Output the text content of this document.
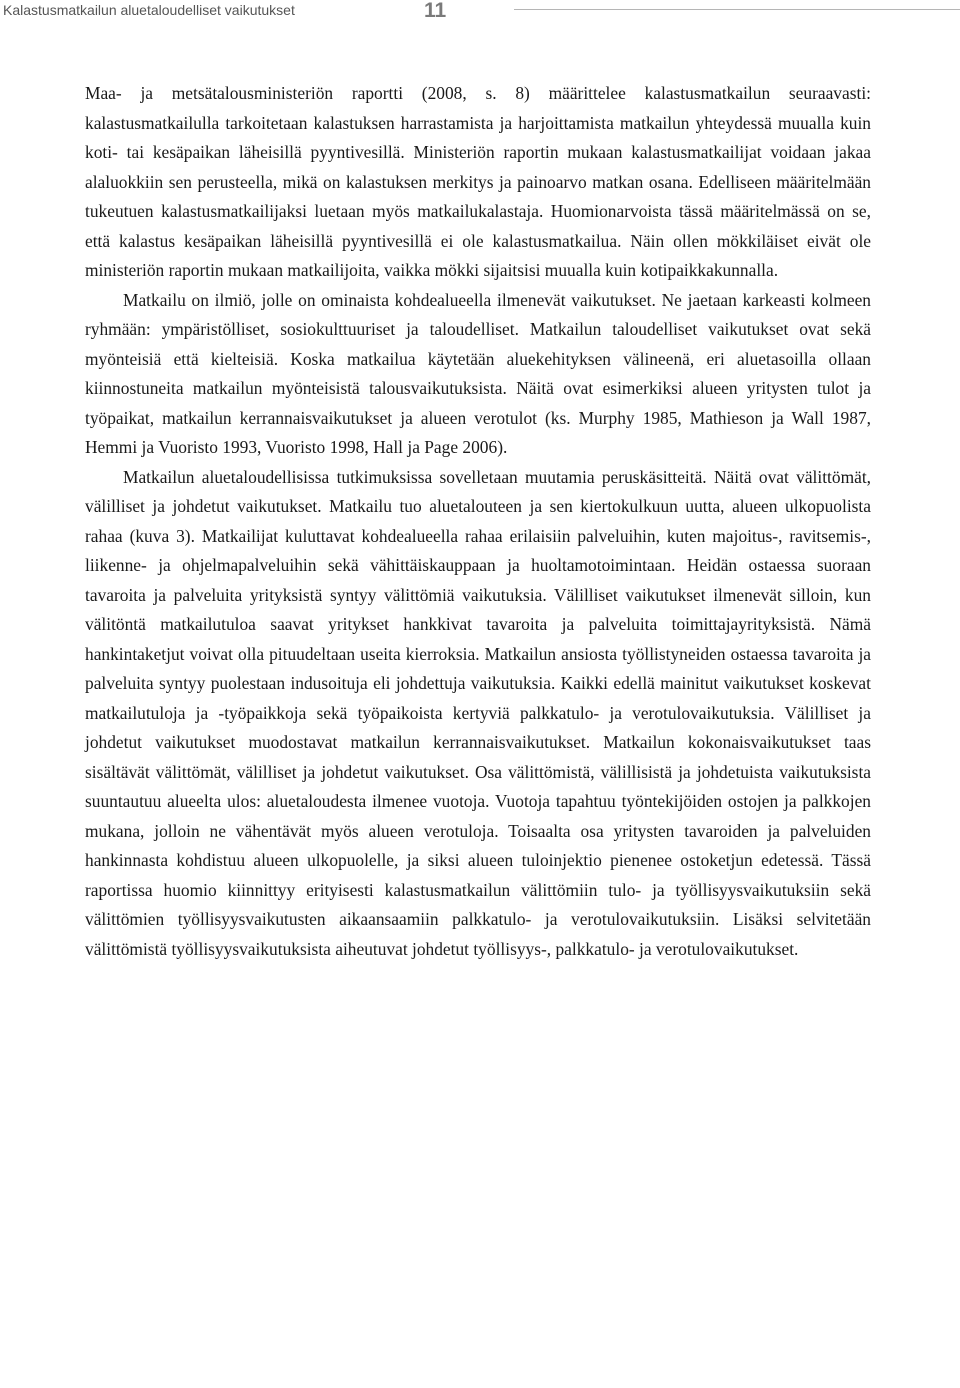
Kalastusmatkailun aluetaloudelliset vaikutukset	11

Maa- ja metsätalousministeriön raportti (2008, s. 8) määrittelee kalastusmatkailun seuraavasti: kalastusmatkailulla tarkoitetaan kalastuksen harrastamista ja harjoittamista matkailun yhteydessä muualla kuin koti- tai kesäpaikan läheisillä pyyntivesillä. Ministeriön raportin mukaan kalastusmatkailijat voidaan jakaa alaluokkiin sen perusteella, mikä on kalastuksen merkitys ja painoarvo matkan osana. Edelliseen määritelmään tukeutuen kalastusmatkailijaksi luetaan myös matkailukalastaja. Huomionarvoista tässä määritelmässä on se, että kalastus kesäpaikan läheisillä pyyntivesillä ei ole kalastusmatkailua. Näin ollen mökkiläiset eivät ole ministeriön raportin mukaan matkailijoita, vaikka mökki sijaitsisi muualla kuin kotipaikkakunnalla.

Matkailu on ilmiö, jolle on ominaista kohdealueella ilmenevät vaikutukset. Ne jaetaan karkeasti kolmeen ryhmään: ympäristölliset, sosiokulttuuriset ja taloudelliset. Matkailun taloudelliset vaikutukset ovat sekä myönteisiä että kielteisiä. Koska matkailua käytetään aluekehityksen välineenä, eri aluetasoilla ollaan kiinnostuneita matkailun myönteisistä talousvaikutuksista. Näitä ovat esimerkiksi alueen yritysten tulot ja työpaikat, matkailun kerrannaisvaikutukset ja alueen verotulot (ks. Murphy 1985, Mathieson ja Wall 1987, Hemmi ja Vuoristo 1993, Vuoristo 1998, Hall ja Page 2006).

Matkailun aluetaloudellisissa tutkimuksissa sovelletaan muutamia peruskäsitteitä. Näitä ovat välittömät, välilliset ja johdetut vaikutukset. Matkailu tuo aluetalouteen ja sen kiertokulkuun uutta, alueen ulkopuolista rahaa (kuva 3). Matkailijat kuluttavat kohdealueella rahaa erilaisiin palveluihin, kuten majoitus-, ravitsemis-, liikenne- ja ohjelmapalveluihin sekä vähittäiskauppaan ja huoltamotoimintaan. Heidän ostaessa suoraan tavaroita ja palveluita yrityksistä syntyy välittömiä vaikutuksia. Välilliset vaikutukset ilmenevät silloin, kun välitöntä matkailutuloa saavat yritykset hankkivat tavaroita ja palveluita toimittajayrityksistä. Nämä hankintaketjut voivat olla pituudeltaan useita kierroksia. Matkailun ansiosta työllistyneiden ostaessa tavaroita ja palveluita syntyy puolestaan indusoituja eli johdettuja vaikutuksia. Kaikki edellä mainitut vaikutukset koskevat matkailutuloja ja -työpaikkoja sekä työpaikoista kertyviä palkkatulo- ja verotulovaikutuksia. Välilliset ja johdetut vaikutukset muodostavat matkailun kerrannaisvaikutukset. Matkailun kokonaisvaikutukset taas sisältävät välittömät, välilliset ja johdetut vaikutukset. Osa välittömistä, välillisistä ja johdetuista vaikutuksista suuntautuu alueelta ulos: aluetaloudesta ilmenee vuotoja. Vuotoja tapahtuu työntekijöiden ostojen ja palkkojen mukana, jolloin ne vähentävät myös alueen verotuloja. Toisaalta osa yritysten tavaroiden ja palveluiden hankinnasta kohdistuu alueen ulkopuolelle, ja siksi alueen tuloinjektio pienenee ostoketjun edetessä. Tässä raportissa huomio kiinnittyy erityisesti kalastusmatkailun välittömiin tulo- ja työllisyysvaikutuksiin sekä välittömien työllisyysvaikutusten aikaansaamiin palkkatulo- ja verotulovaikutuksiin. Lisäksi selvitetään välittömistä työllisyysvaikutuksista aiheutuvat johdetut työllisyys-, palkkatulo- ja verotulovaikutukset.
